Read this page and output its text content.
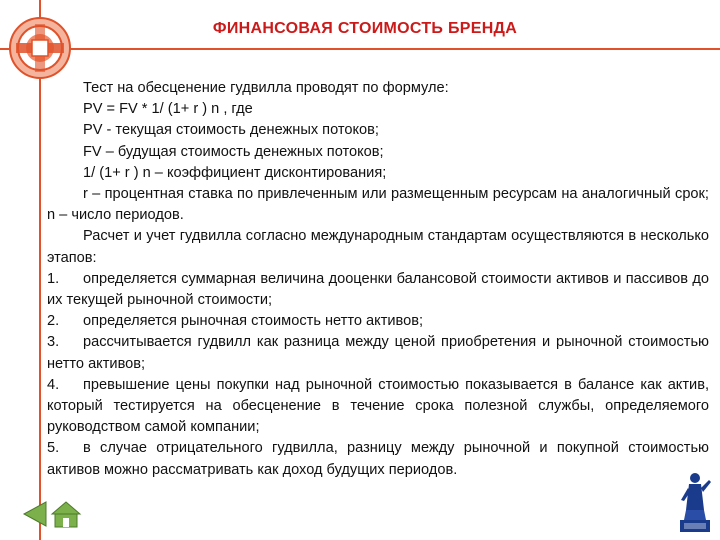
ФИНАНСОВАЯ СТОИМОСТЬ БРЕНДА

Тест на обесценение гудвилла проводят по формуле:

PV = FV * 1/ (1+ r ) n , где

PV - текущая стоимость денежных потоков;

FV – будущая стоимость денежных потоков;

1/ (1+ r ) n – коэффициент дисконтирования;

r – процентная ставка по привлеченным или размещенным ресурсам на аналогичный срок; n – число периодов.

Расчет и учет гудвилла согласно международным стандартам осуществляются в несколько этапов:

1. определяется суммарная величина дооценки балансовой стоимости активов и пассивов до их текущей рыночной стоимости;

2. определяется рыночная стоимость нетто активов;

3. рассчитывается гудвилл как разница между ценой приобретения и рыночной стоимостью нетто активов;

4. превышение цены покупки над рыночной стоимостью показывается в балансе как актив, который тестируется на обесценение в течение срока полезной службы, определяемого руководством самой компании;

5. в случае отрицательного гудвилла, разницу между рыночной и покупной стоимостью активов можно рассматривать как доход будущих периодов.
